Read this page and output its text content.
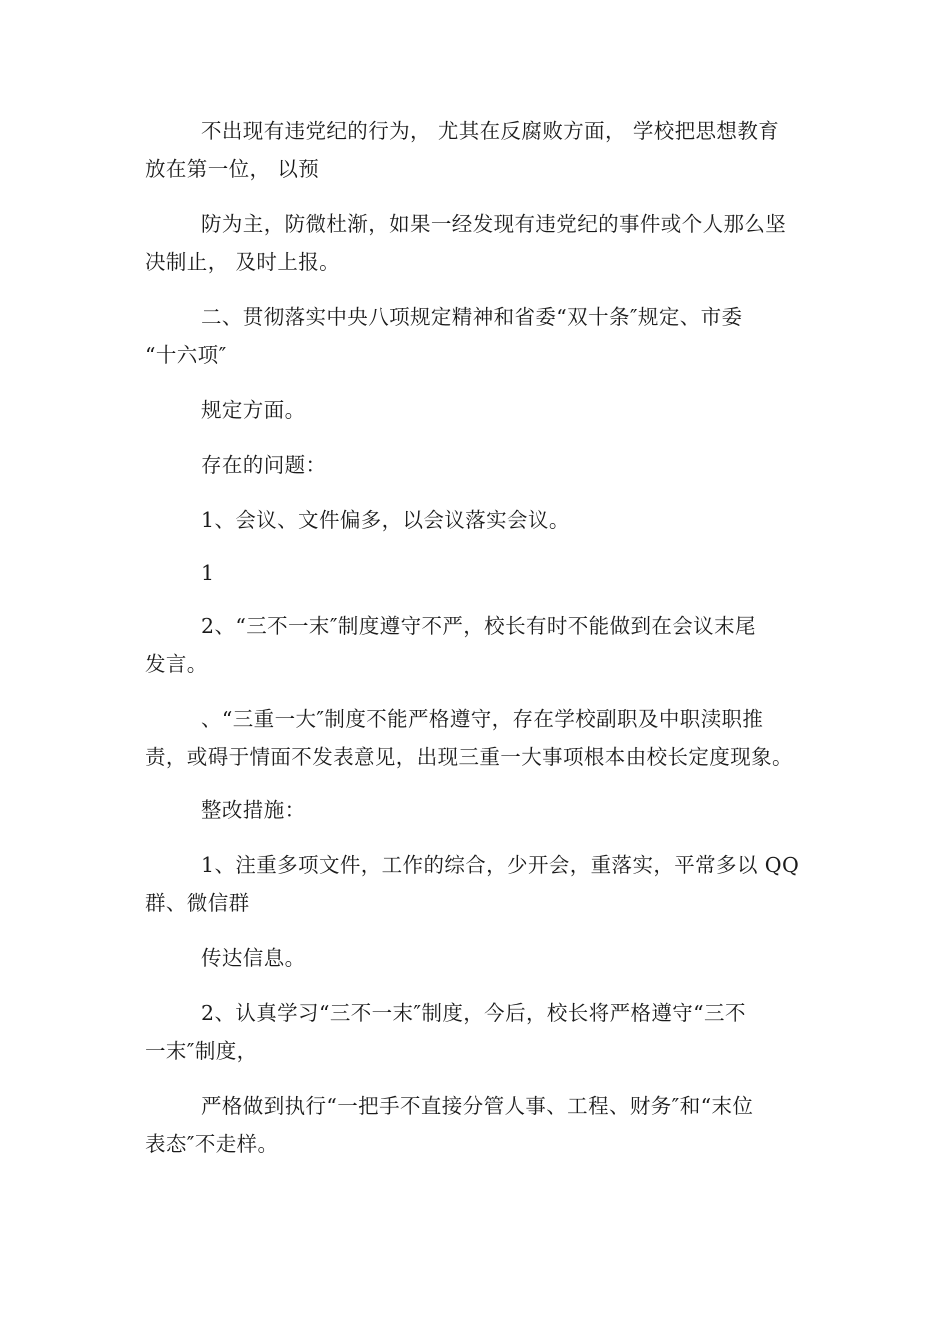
不出现有违党纪的行为， 尤其在反腐败方面， 学校把思想教育
放在第一位， 以预

防为主，防微杜渐，如果一经发现有违党纪的事件或个人那么坚
决制止， 及时上报。

二、贯彻落实中央八项规定精神和省委“双十条″规定、市委
“十六项″

规定方面。

存在的问题：

1、会议、文件偏多，以会议落实会议。

1

2、“三不一末″制度遵守不严，校长有时不能做到在会议末尾
发言。

、“三重一大″制度不能严格遵守，存在学校副职及中职渎职推
责，或碍于情面不发表意见，出现三重一大事项根本由校长定度现象。

整改措施：

1、注重多项文件，工作的综合，少开会，重落实，平常多以 QQ
群、微信群

传达信息。

2、认真学习“三不一末″制度，今后，校长将严格遵守“三不
一末″制度，

严格做到执行“一把手不直接分管人事、工程、财务″和“末位
表态″不走样。
